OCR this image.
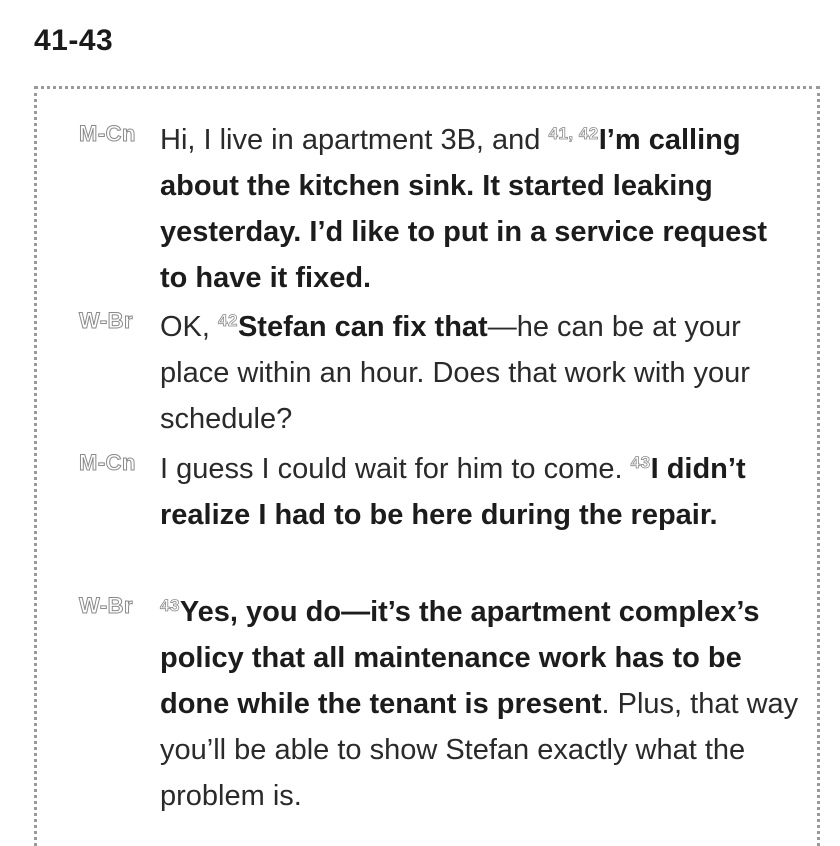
41-43
M-Cn Hi, I live in apartment 3B, and $^{41, 42}$I’m calling about the kitchen sink. It started leaking yesterday. I’d like to put in a service request to have it fixed.
W-Br OK, $^{42}$Stefan can fix that—he can be at your place within an hour. Does that work with your schedule?
M-Cn I guess I could wait for him to come. $^{43}$I didn’t realize I had to be here during the repair.
W-Br	$^{43}$Yes, you do—it’s the apartment complex’s policy that all maintenance work has to be done while the tenant is present. Plus, that way you’ll be able to show Stefan exactly what the problem is.
